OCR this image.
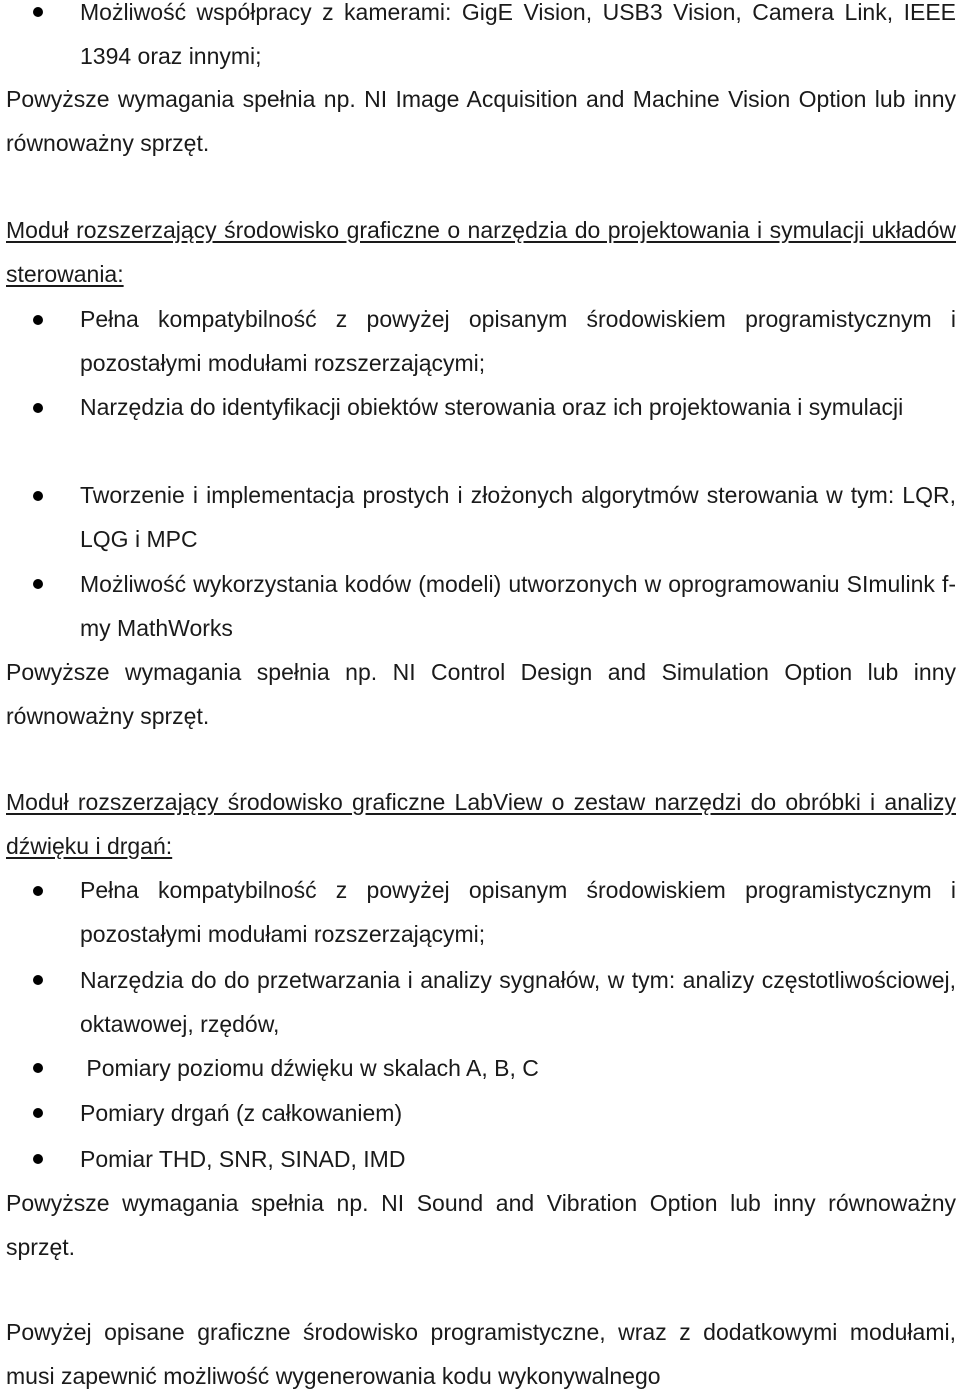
Możliwość współpracy z kamerami: GigE Vision, USB3 Vision, Camera Link, IEEE 1394 oraz innymi;
Powyższe wymagania spełnia np. NI Image Acquisition and Machine Vision Option lub inny równoważny sprzęt.
Moduł rozszerzający środowisko graficzne o narzędzia do projektowania i symulacji układów sterowania:
Pełna kompatybilność z powyżej opisanym środowiskiem programistycznym i pozostałymi modułami rozszerzającymi;
Narzędzia do identyfikacji obiektów sterowania oraz ich projektowania i symulacji
Tworzenie i implementacja prostych i złożonych algorytmów sterowania w tym: LQR, LQG i MPC
Możliwość wykorzystania kodów (modeli) utworzonych w oprogramowaniu SImulink f-my MathWorks
Powyższe wymagania spełnia np. NI Control Design and Simulation Option lub inny równoważny sprzęt.
Moduł rozszerzający środowisko graficzne LabView o zestaw narzędzi do obróbki i analizy dźwięku i drgań:
Pełna kompatybilność z powyżej opisanym środowiskiem programistycznym i pozostałymi modułami rozszerzającymi;
Narzędzia do do przetwarzania i analizy sygnałów, w tym: analizy częstotliwościowej, oktawowej, rzędów,
Pomiary poziomu dźwięku w skalach A, B, C
Pomiary drgań (z całkowaniem)
Pomiar THD, SNR, SINAD, IMD
Powyższe wymagania spełnia np. NI Sound and Vibration Option lub inny równoważny sprzęt.
Powyżej opisane graficzne środowisko programistyczne, wraz z dodatkowymi modułami, musi zapewnić możliwość wygenerowania kodu wykonywalnego
